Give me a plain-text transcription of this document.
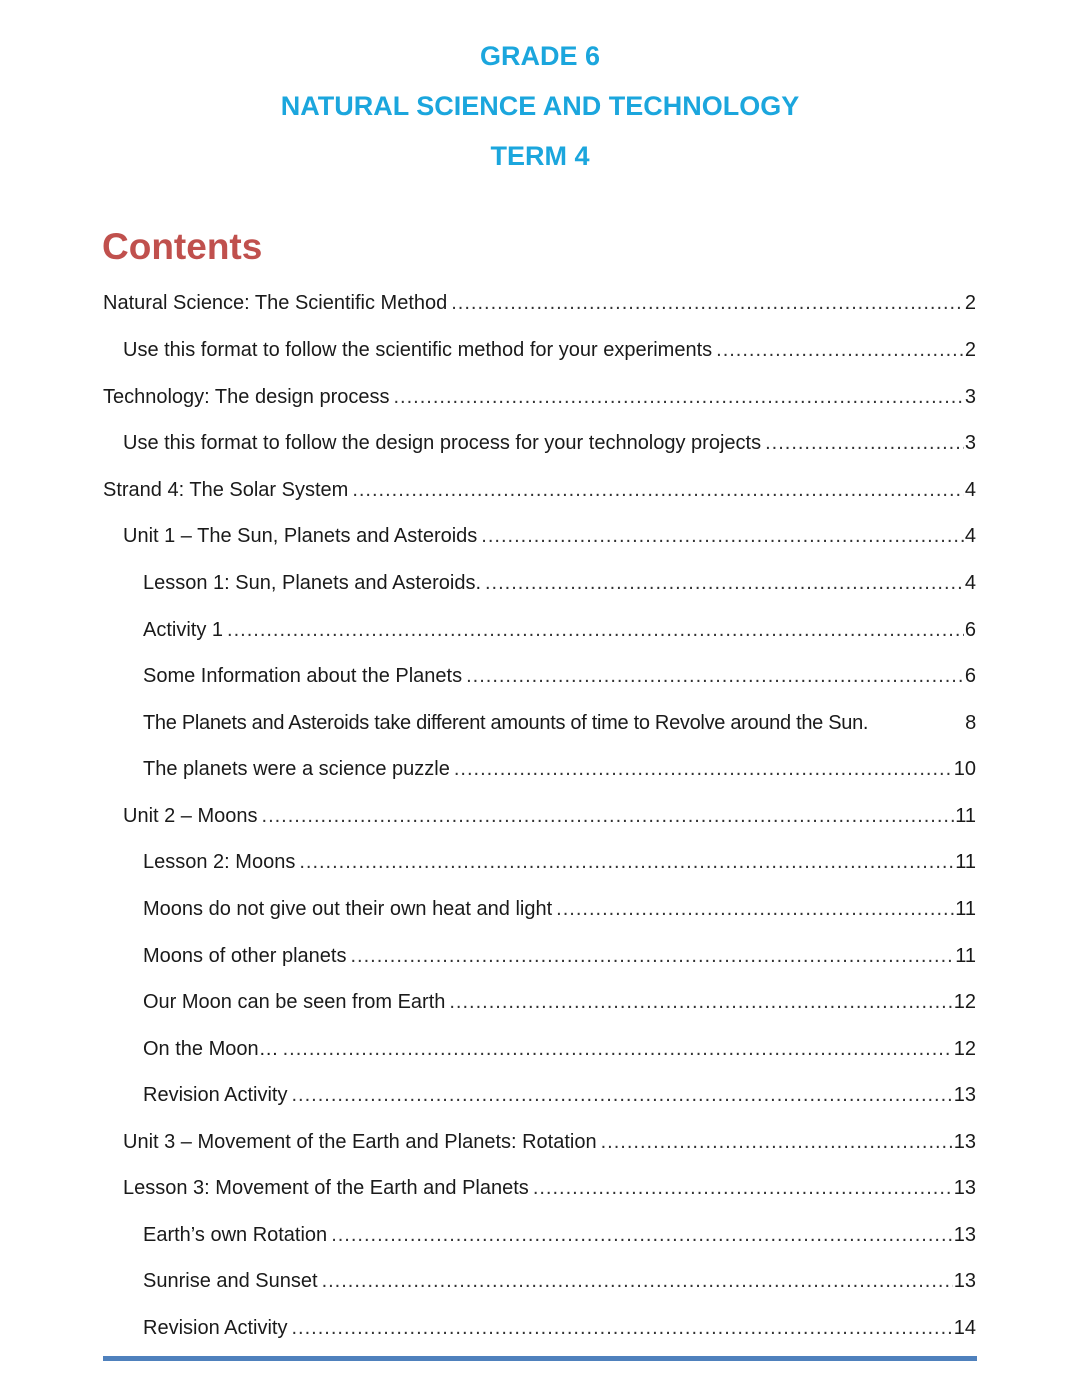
GRADE 6
NATURAL SCIENCE AND TECHNOLOGY
TERM 4
Contents
Natural Science: The Scientific Method .....	2
Use this format to follow the scientific method for your experiments .....	2
Technology: The design process .....	3
Use this format to follow the design process for your technology projects .....	3
Strand 4: The Solar System .....	4
Unit 1 – The Sun, Planets and Asteroids .....	4
Lesson 1: Sun, Planets and Asteroids. .....	4
Activity 1 .....	6
Some Information about the Planets .....	6
The Planets and Asteroids take different amounts of time to Revolve around the Sun.	8
The planets were a science puzzle .....	10
Unit 2 – Moons .....	11
Lesson 2: Moons .....	11
Moons do not give out their own heat and light .....	11
Moons of other planets .....	11
Our Moon can be seen from Earth .....	12
On the Moon… .....	12
Revision Activity .....	13
Unit 3 – Movement of the Earth and Planets: Rotation .....	13
Lesson 3: Movement of the Earth and Planets .....	13
Earth’s own Rotation .....	13
Sunrise and Sunset .....	13
Revision Activity .....	14
